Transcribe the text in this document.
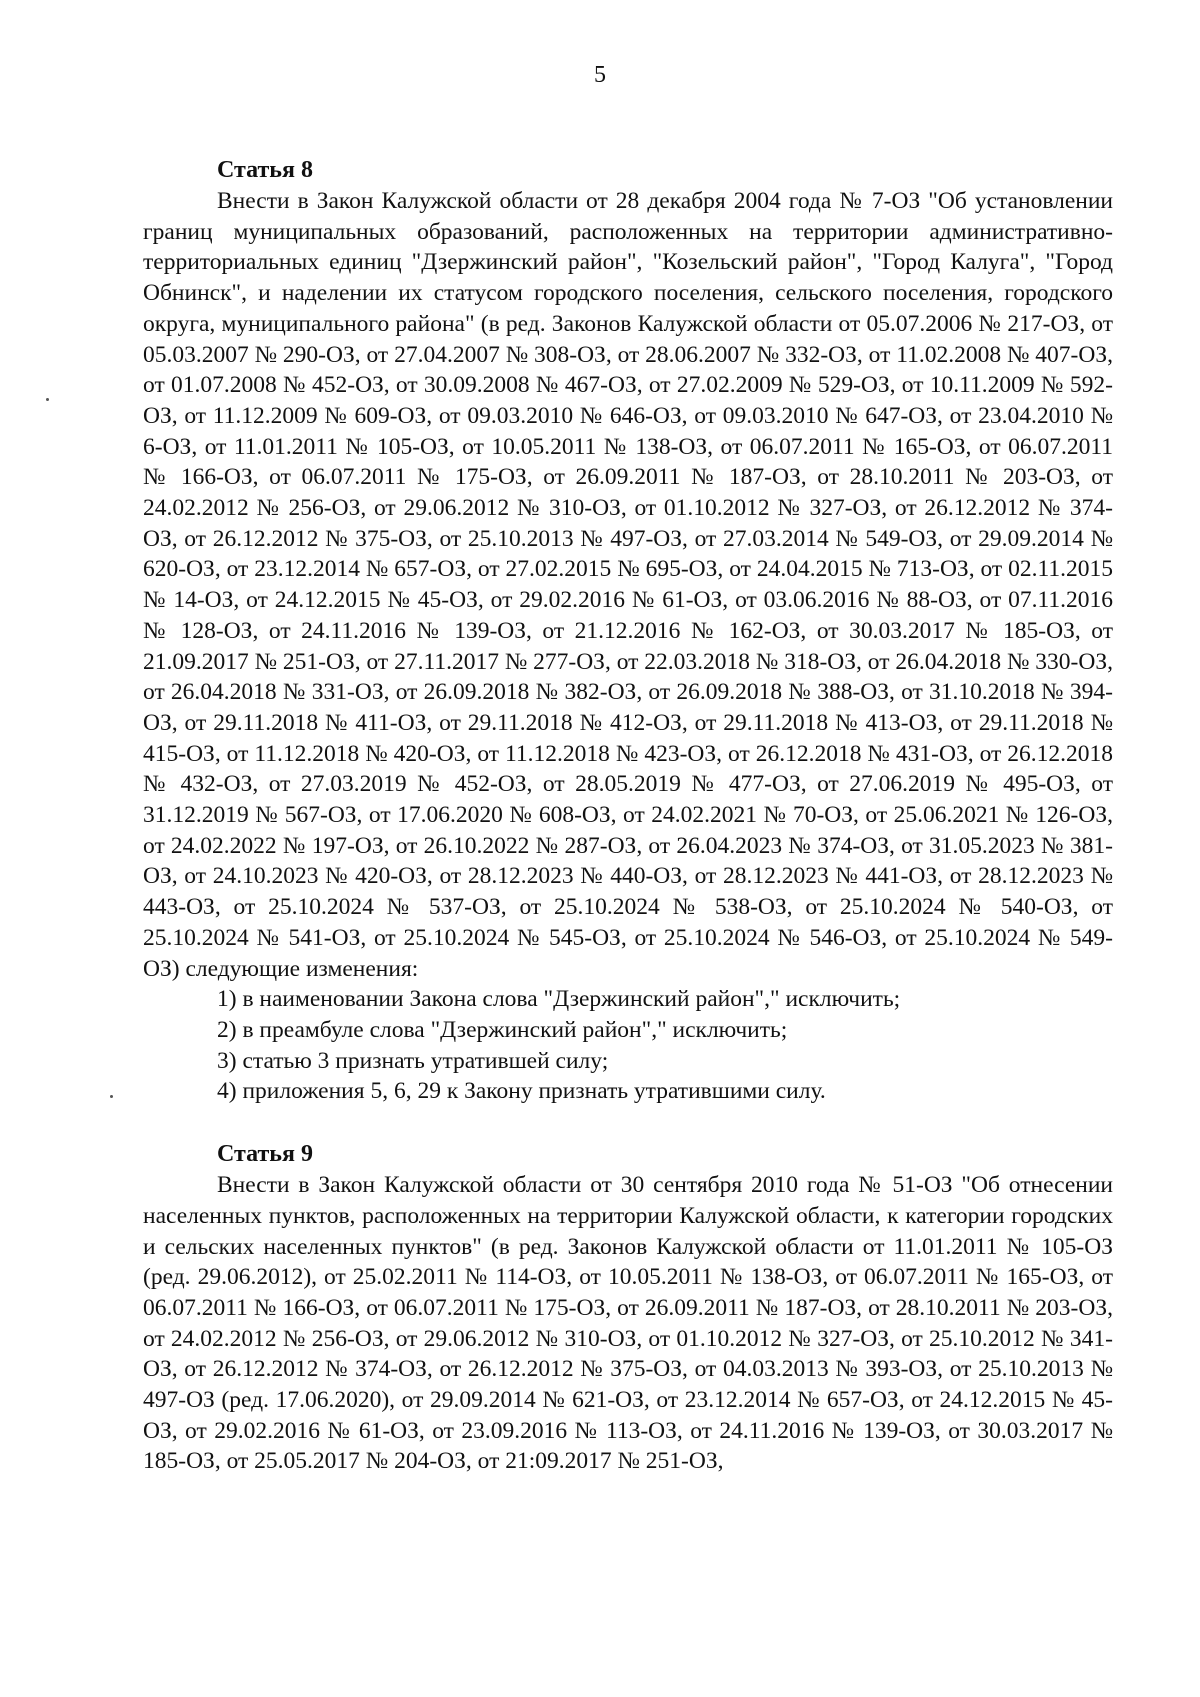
5
Статья 8

Внести в Закон Калужской области от 28 декабря 2004 года № 7-ОЗ "Об установлении границ муниципальных образований, расположенных на территории административно-территориальных единиц "Дзержинский район", "Козельский район", "Город Калуга", "Город Обнинск", и наделении их статусом городского поселения, сельского поселения, городского округа, муниципального района" (в ред. Законов Калужской области от 05.07.2006 № 217-ОЗ, от 05.03.2007 № 290-ОЗ, от 27.04.2007 № 308-ОЗ, от 28.06.2007 № 332-ОЗ, от 11.02.2008 № 407-ОЗ, от 01.07.2008 № 452-ОЗ, от 30.09.2008 № 467-ОЗ, от 27.02.2009 № 529-ОЗ, от 10.11.2009 № 592-ОЗ, от 11.12.2009 № 609-ОЗ, от 09.03.2010 № 646-ОЗ, от 09.03.2010 № 647-ОЗ, от 23.04.2010 № 6-ОЗ, от 11.01.2011 № 105-ОЗ, от 10.05.2011 № 138-ОЗ, от 06.07.2011 № 165-ОЗ, от 06.07.2011 № 166-ОЗ, от 06.07.2011 № 175-ОЗ, от 26.09.2011 № 187-ОЗ, от 28.10.2011 № 203-ОЗ, от 24.02.2012 № 256-ОЗ, от 29.06.2012 № 310-ОЗ, от 01.10.2012 № 327-ОЗ, от 26.12.2012 № 374-ОЗ, от 26.12.2012 № 375-ОЗ, от 25.10.2013 № 497-ОЗ, от 27.03.2014 № 549-ОЗ, от 29.09.2014 № 620-ОЗ, от 23.12.2014 № 657-ОЗ, от 27.02.2015 № 695-ОЗ, от 24.04.2015 № 713-ОЗ, от 02.11.2015 № 14-ОЗ, от 24.12.2015 № 45-ОЗ, от 29.02.2016 № 61-ОЗ, от 03.06.2016 № 88-ОЗ, от 07.11.2016 № 128-ОЗ, от 24.11.2016 № 139-ОЗ, от 21.12.2016 № 162-ОЗ, от 30.03.2017 № 185-ОЗ, от 21.09.2017 № 251-ОЗ, от 27.11.2017 № 277-ОЗ, от 22.03.2018 № 318-ОЗ, от 26.04.2018 № 330-ОЗ, от 26.04.2018 № 331-ОЗ, от 26.09.2018 № 382-ОЗ, от 26.09.2018 № 388-ОЗ, от 31.10.2018 № 394-ОЗ, от 29.11.2018 № 411-ОЗ, от 29.11.2018 № 412-ОЗ, от 29.11.2018 № 413-ОЗ, от 29.11.2018 № 415-ОЗ, от 11.12.2018 № 420-ОЗ, от 11.12.2018 № 423-ОЗ, от 26.12.2018 № 431-ОЗ, от 26.12.2018 № 432-ОЗ, от 27.03.2019 № 452-ОЗ, от 28.05.2019 № 477-ОЗ, от 27.06.2019 № 495-ОЗ, от 31.12.2019 № 567-ОЗ, от 17.06.2020 № 608-ОЗ, от 24.02.2021 № 70-ОЗ, от 25.06.2021 № 126-ОЗ, от 24.02.2022 № 197-ОЗ, от 26.10.2022 № 287-ОЗ, от 26.04.2023 № 374-ОЗ, от 31.05.2023 № 381-ОЗ, от 24.10.2023 № 420-ОЗ, от 28.12.2023 № 440-ОЗ, от 28.12.2023 № 441-ОЗ, от 28.12.2023 № 443-ОЗ, от 25.10.2024 № 537-ОЗ, от 25.10.2024 № 538-ОЗ, от 25.10.2024 № 540-ОЗ, от 25.10.2024 № 541-ОЗ, от 25.10.2024 № 545-ОЗ, от 25.10.2024 № 546-ОЗ, от 25.10.2024 № 549-ОЗ) следующие изменения:

1) в наименовании Закона слова "Дзержинский район"," исключить;
2) в преамбуле слова "Дзержинский район"," исключить;
3) статью 3 признать утратившей силу;
4) приложения 5, 6, 29 к Закону признать утратившими силу.
Статья 9

Внести в Закон Калужской области от 30 сентября 2010 года № 51-ОЗ "Об отнесении населенных пунктов, расположенных на территории Калужской области, к категории городских и сельских населенных пунктов" (в ред. Законов Калужской области от 11.01.2011 № 105-ОЗ (ред. 29.06.2012), от 25.02.2011 № 114-ОЗ, от 10.05.2011 № 138-ОЗ, от 06.07.2011 № 165-ОЗ, от 06.07.2011 № 166-ОЗ, от 06.07.2011 № 175-ОЗ, от 26.09.2011 № 187-ОЗ, от 28.10.2011 № 203-ОЗ, от 24.02.2012 № 256-ОЗ, от 29.06.2012 № 310-ОЗ, от 01.10.2012 № 327-ОЗ, от 25.10.2012 № 341-ОЗ, от 26.12.2012 № 374-ОЗ, от 26.12.2012 № 375-ОЗ, от 04.03.2013 № 393-ОЗ, от 25.10.2013 № 497-ОЗ (ред. 17.06.2020), от 29.09.2014 № 621-ОЗ, от 23.12.2014 № 657-ОЗ, от 24.12.2015 № 45-ОЗ, от 29.02.2016 № 61-ОЗ, от 23.09.2016 № 113-ОЗ, от 24.11.2016 № 139-ОЗ, от 30.03.2017 № 185-ОЗ, от 25.05.2017 № 204-ОЗ, от 21:09.2017 № 251-ОЗ,
